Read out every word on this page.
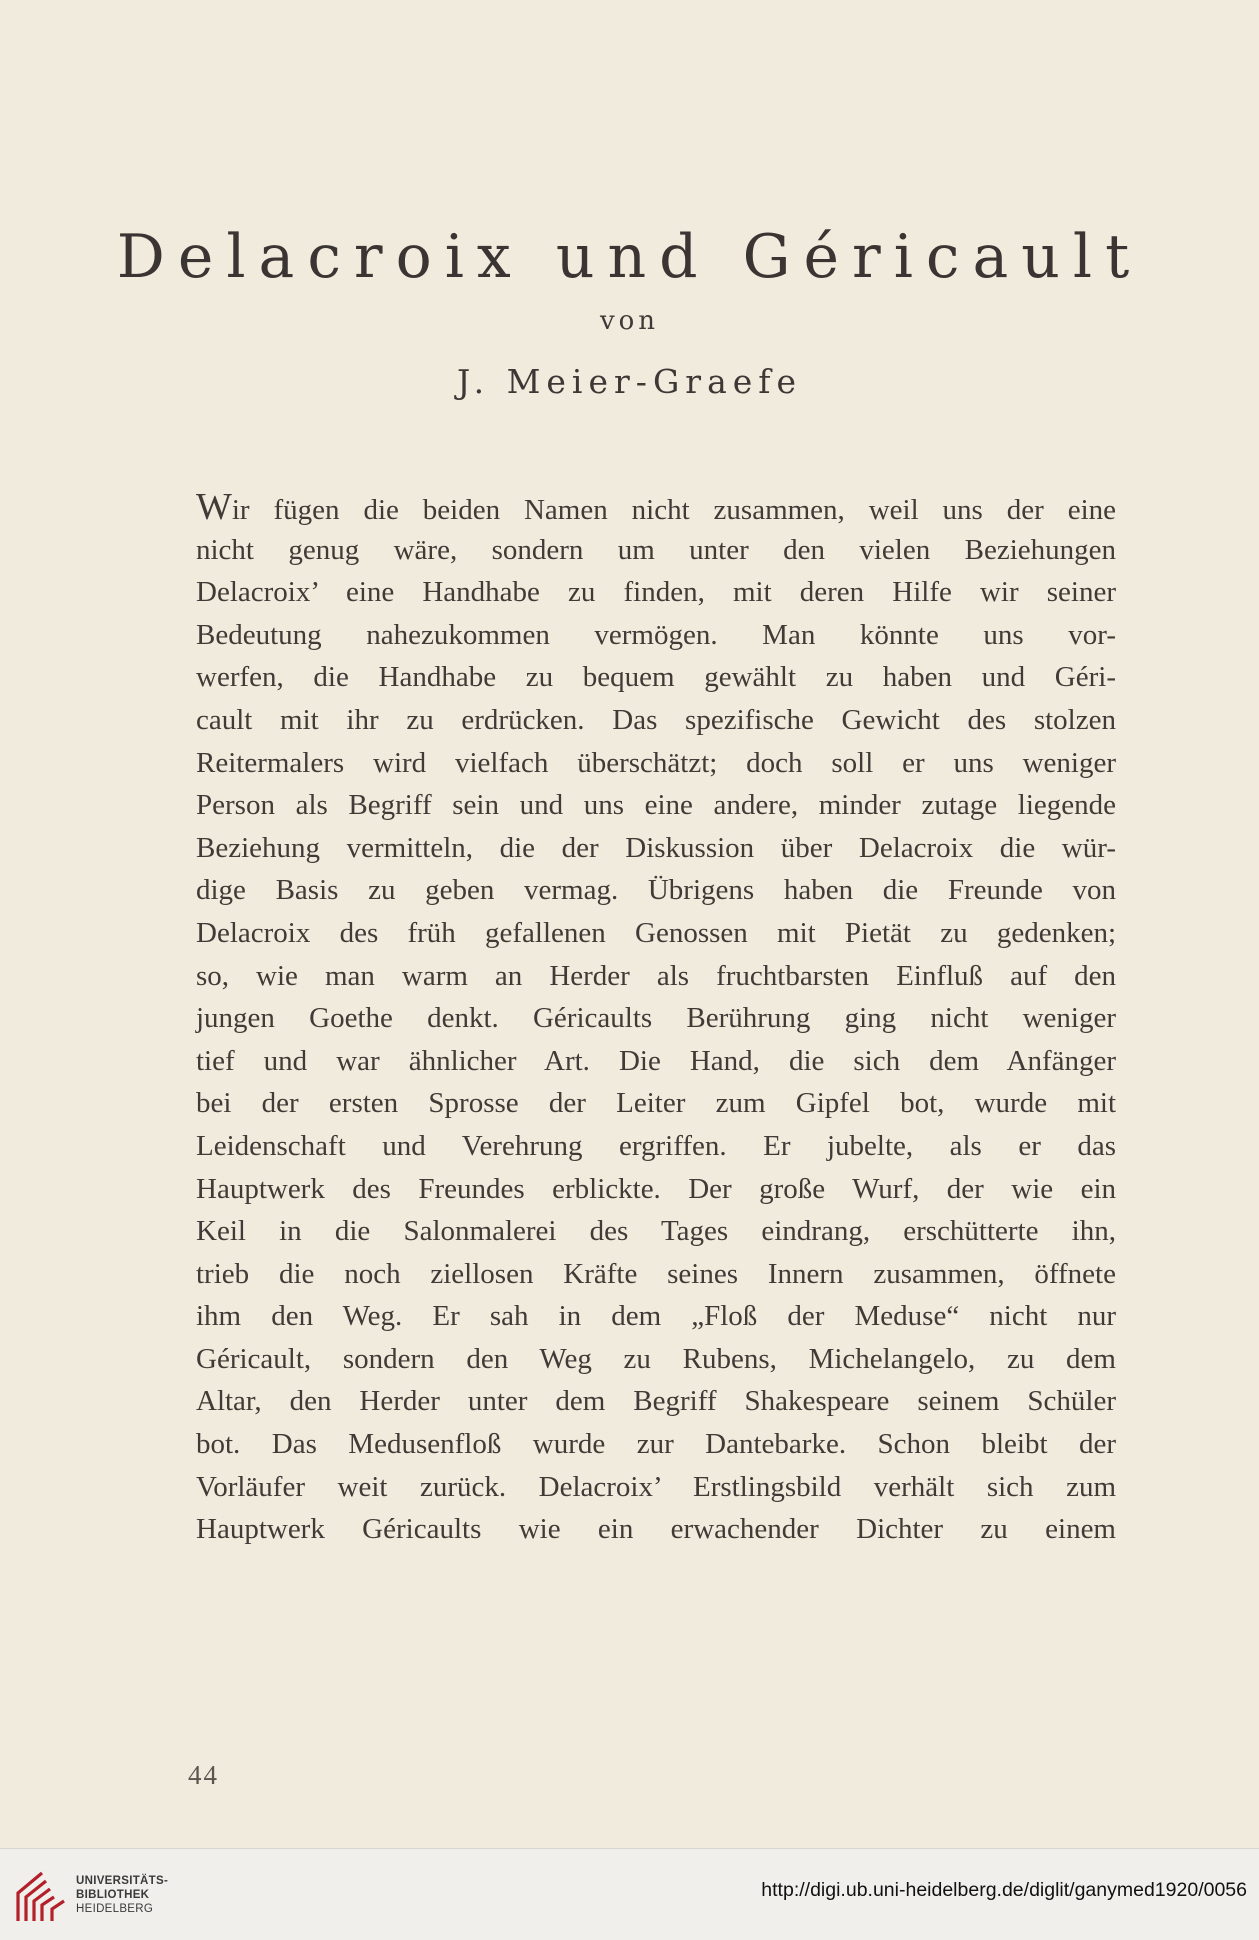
Delacroix und Géricault
von
J. Meier-Graefe
Wir fügen die beiden Namen nicht zusammen, weil uns der eine
nicht genug wäre, sondern um unter den vielen Beziehungen
Delacroix’ eine Handhabe zu finden, mit deren Hilfe wir seiner
Bedeutung nahezukommen vermögen. Man könnte uns vor-
werfen, die Handhabe zu bequem gewählt zu haben und Géri-
cault mit ihr zu erdrücken. Das spezifische Gewicht des stolzen
Reitermalers wird vielfach überschätzt; doch soll er uns weniger
Person als Begriff sein und uns eine andere, minder zutage liegende
Beziehung vermitteln, die der Diskussion über Delacroix die wür-
dige Basis zu geben vermag. Übrigens haben die Freunde von
Delacroix des früh gefallenen Genossen mit Pietät zu gedenken;
so, wie man warm an Herder als fruchtbarsten Einfluß auf den
jungen Goethe denkt. Géricaults Berührung ging nicht weniger
tief und war ähnlicher Art. Die Hand, die sich dem Anfänger
bei der ersten Sprosse der Leiter zum Gipfel bot, wurde mit
Leidenschaft und Verehrung ergriffen. Er jubelte, als er das
Hauptwerk des Freundes erblickte. Der große Wurf, der wie ein
Keil in die Salonmalerei des Tages eindrang, erschütterte ihn,
trieb die noch ziellosen Kräfte seines Innern zusammen, öffnete
ihm den Weg. Er sah in dem „Floß der Meduse“ nicht nur
Géricault, sondern den Weg zu Rubens, Michelangelo, zu dem
Altar, den Herder unter dem Begriff Shakespeare seinem Schüler
bot. Das Medusenfloß wurde zur Dantebarke. Schon bleibt der
Vorläufer weit zurück. Delacroix’ Erstlingsbild verhält sich zum
Hauptwerk Géricaults wie ein erwachender Dichter zu einem
44
UNIVERSITÄTS-
BIBLIOTHEK
HEIDELBERG
http://digi.ub.uni-heidelberg.de/diglit/ganymed1920/0056
